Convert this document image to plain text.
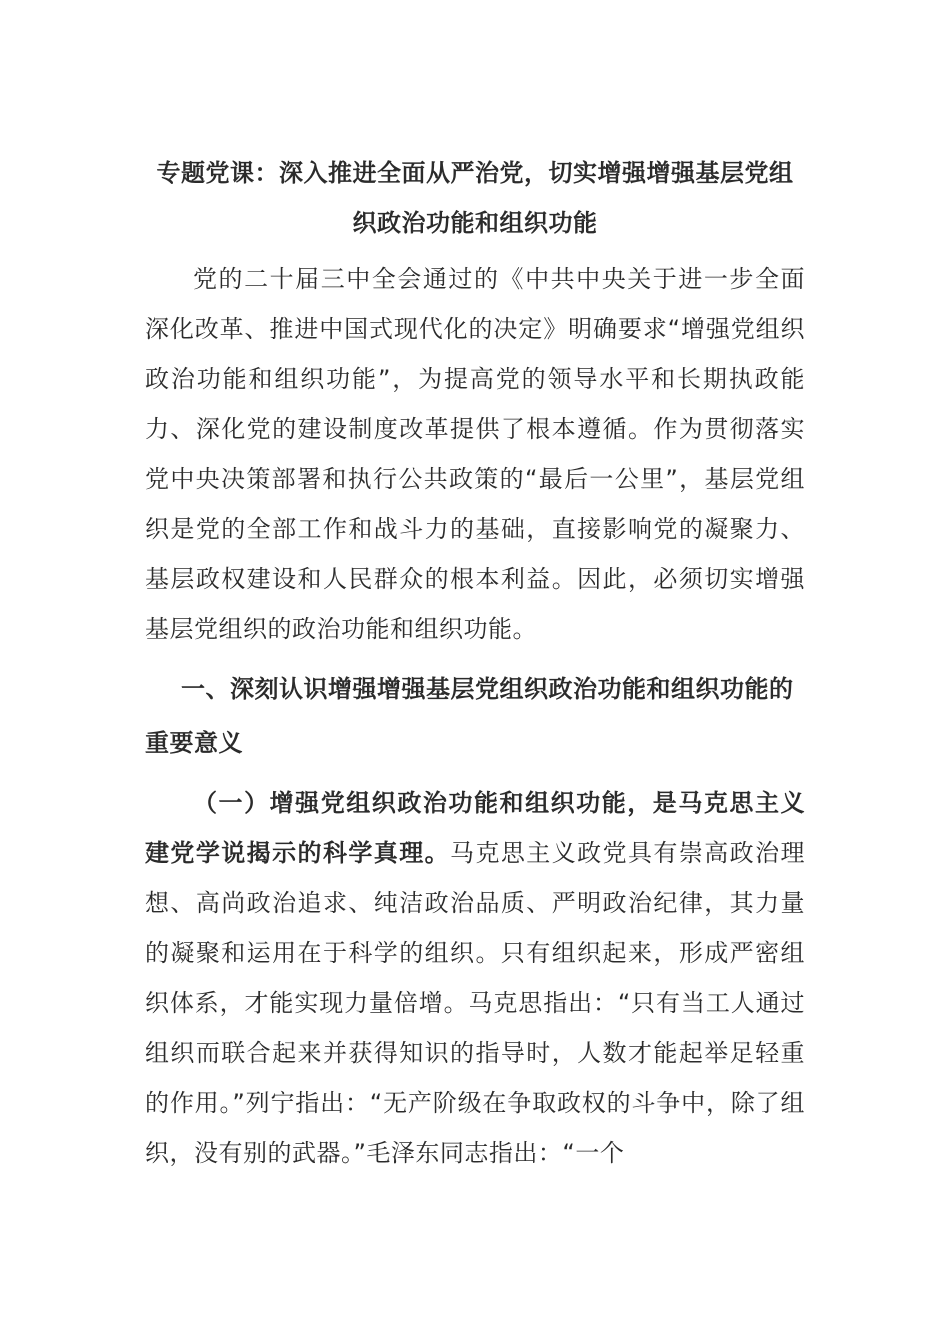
专题党课：深入推进全面从严治党，切实增强增强基层党组织政治功能和组织功能

党的二十届三中全会通过的《中共中央关于进一步全面深化改革、推进中国式现代化的决定》明确要求“增强党组织政治功能和组织功能”，为提高党的领导水平和长期执政能力、深化党的建设制度改革提供了根本遵循。作为贯彻落实党中央决策部署和执行公共政策的“最后一公里”，基层党组织是党的全部工作和战斗力的基础，直接影响党的凝聚力、基层政权建设和人民群众的根本利益。因此，必须切实增强基层党组织的政治功能和组织功能。

一、深刻认识增强增强基层党组织政治功能和组织功能的重要意义

（一）增强党组织政治功能和组织功能，是马克思主义建党学说揭示的科学真理。马克思主义政党具有崇高政治理想、高尚政治追求、纯洁政治品质、严明政治纪律，其力量的凝聚和运用在于科学的组织。只有组织起来，形成严密组织体系，才能实现力量倍增。马克思指出：“只有当工人通过组织而联合起来并获得知识的指导时，人数才能起举足轻重的作用。”列宁指出：“无产阶级在争取政权的斗争中，除了组织，没有别的武器。”毛泽东同志指出：“一个
